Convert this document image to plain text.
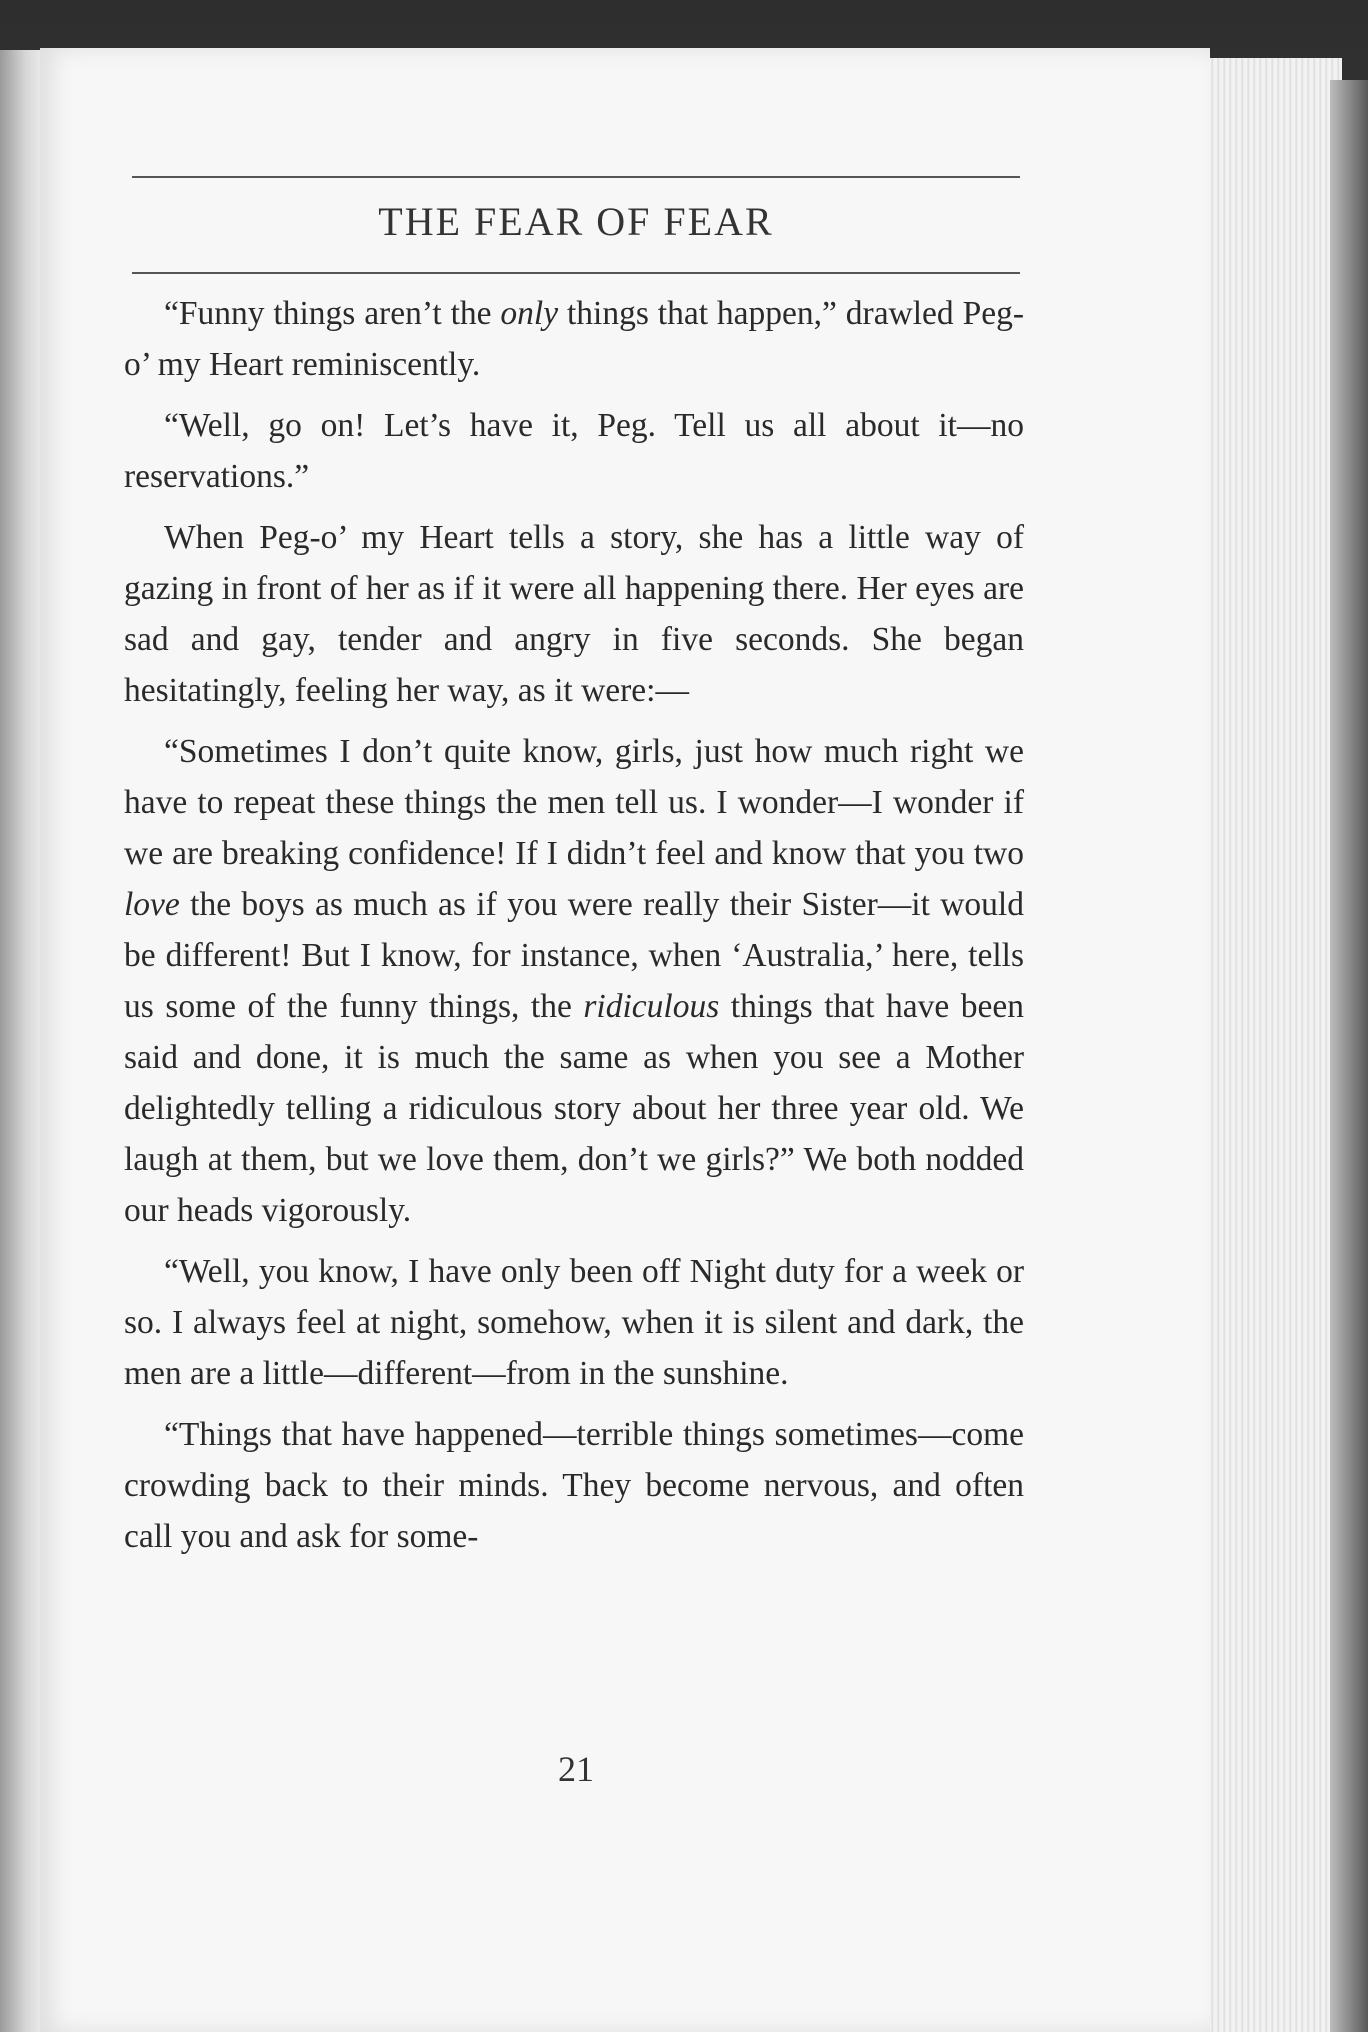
THE FEAR OF FEAR

“Funny things aren’t the only things that happen,” drawled Peg-o’ my Heart reminiscently.

“Well, go on! Let’s have it, Peg. Tell us all about it—no reservations.”

When Peg-o’ my Heart tells a story, she has a little way of gazing in front of her as if it were all happening there. Her eyes are sad and gay, tender and angry in five seconds. She began hesitatingly, feeling her way, as it were:—

“Sometimes I don’t quite know, girls, just how much right we have to repeat these things the men tell us. I wonder—I wonder if we are breaking confidence! If I didn’t feel and know that you two love the boys as much as if you were really their Sister—it would be different! But I know, for instance, when ‘Australia,’ here, tells us some of the funny things, the ridiculous things that have been said and done, it is much the same as when you see a Mother delightedly telling a ridiculous story about her three year old. We laugh at them, but we love them, don’t we girls?” We both nodded our heads vigorously.

“Well, you know, I have only been off Night duty for a week or so. I always feel at night, somehow, when it is silent and dark, the men are a little—different—from in the sunshine.

“Things that have happened—terrible things sometimes—come crowding back to their minds. They become nervous, and often call you and ask for some-

21
